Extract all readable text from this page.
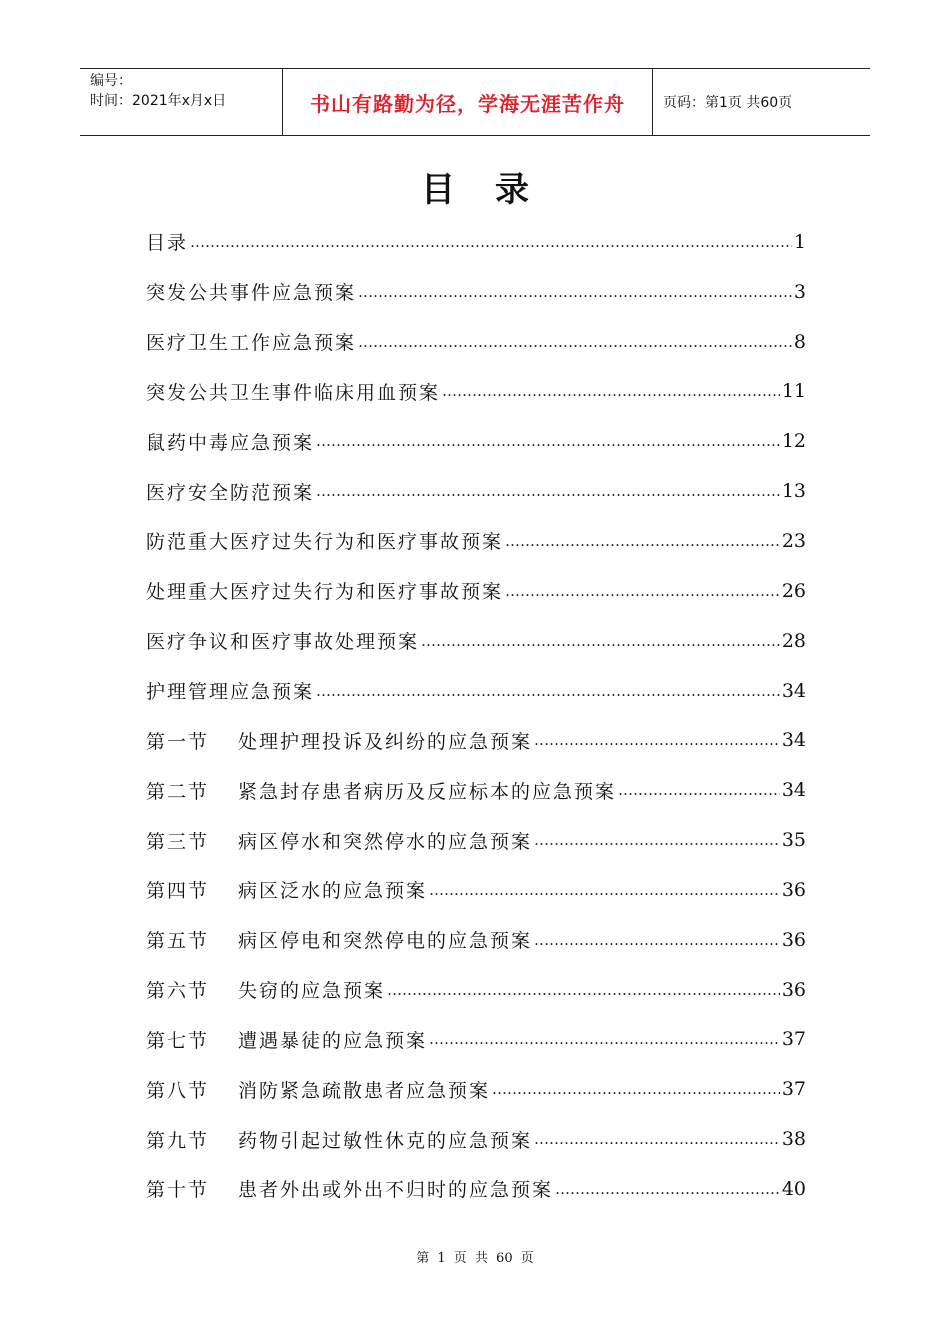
编号：
时间：2021年x月x日	书山有路勤为径，学海无涯苦作舟	页码：第1页 共60页
目录
目录 …………………………………………………………………………………………………………………………	1
突发公共事件应急预案 …………………………………………………………………………………………………………………………	3
医疗卫生工作应急预案 …………………………………………………………………………………………………………………………	8
突发公共卫生事件临床用血预案 …………………………………………………………………………………………………………………………	11
鼠药中毒应急预案 …………………………………………………………………………………………………………………………	12
医疗安全防范预案 …………………………………………………………………………………………………………………………	13
防范重大医疗过失行为和医疗事故预案 …………………………………………………………………………………………………………………………	23
处理重大医疗过失行为和医疗事故预案 …………………………………………………………………………………………………………………………	26
医疗争议和医疗事故处理预案 …………………………………………………………………………………………………………………………	28
护理管理应急预案 …………………………………………………………………………………………………………………………	34
第一节	处理护理投诉及纠纷的应急预案 …………………………………………………………………………………………………………………………	34
第二节	紧急封存患者病历及反应标本的应急预案 …………………………………………………………………………………………………………………………	34
第三节	病区停水和突然停水的应急预案 …………………………………………………………………………………………………………………………	35
第四节	病区泛水的应急预案 …………………………………………………………………………………………………………………………	36
第五节	病区停电和突然停电的应急预案 …………………………………………………………………………………………………………………………	36
第六节	失窃的应急预案 …………………………………………………………………………………………………………………………	36
第七节	遭遇暴徒的应急预案 …………………………………………………………………………………………………………………………	37
第八节	消防紧急疏散患者应急预案 …………………………………………………………………………………………………………………………	37
第九节	药物引起过敏性休克的应急预案 …………………………………………………………………………………………………………………………	38
第十节	患者外出或外出不归时的应急预案 …………………………………………………………………………………………………………………………	40
第 1 页 共 60 页
